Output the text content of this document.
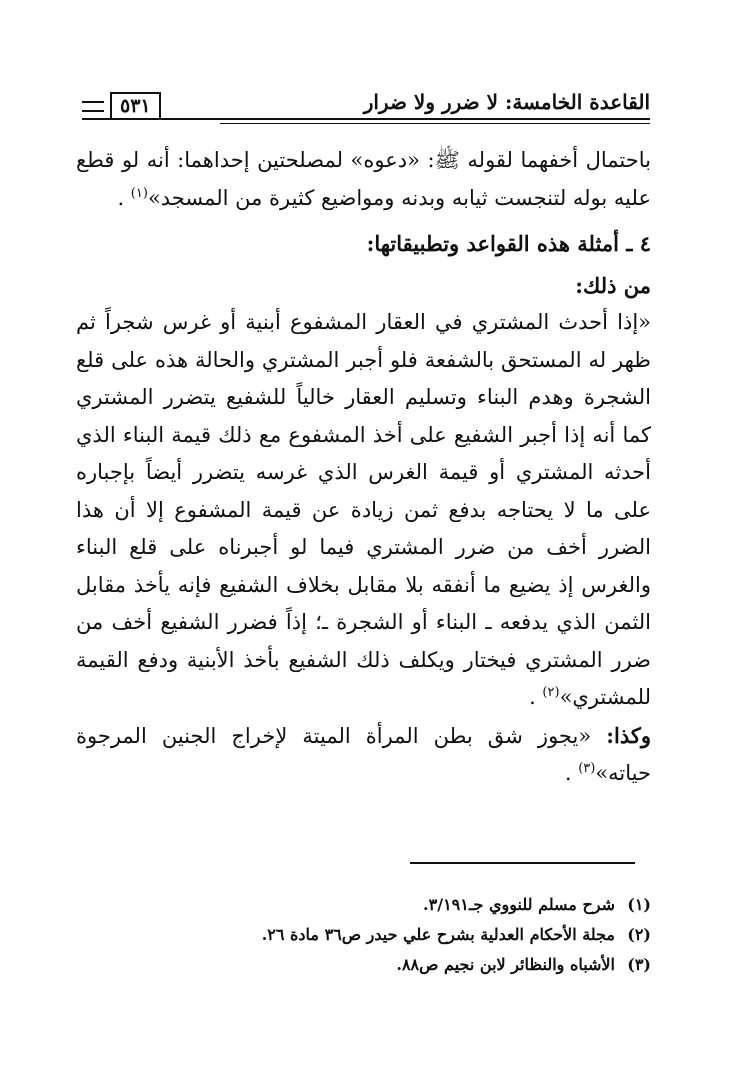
القاعدة الخامسة: لا ضرر ولا ضرار
٥٣١

باحتمال أخفهما لقوله ﷺ: «دعوه» لمصلحتين إحداهما: أنه لو قطع عليه بوله لتنجست ثيابه وبدنه ومواضيع كثيرة من المسجد»$^{(١)}$ .

٤ ـ أمثلة هذه القواعد وتطبيقاتها:

من ذلك:

«إذا أحدث المشتري في العقار المشفوع أبنية أو غرس شجراً ثم ظهر له المستحق بالشفعة فلو أجبر المشتري والحالة هذه على قلع الشجرة وهدم البناء وتسليم العقار خالياً للشفيع يتضرر المشتري كما أنه إذا أجبر الشفيع على أخذ المشفوع مع ذلك قيمة البناء الذي أحدثه المشتري أو قيمة الغرس الذي غرسه يتضرر أيضاً بإجباره على ما لا يحتاجه بدفع ثمن زيادة عن قيمة المشفوع إلا أن هذا الضرر أخف من ضرر المشتري فيما لو أجبرناه على قلع البناء والغرس إذ يضيع ما أنفقه بلا مقابل بخلاف الشفيع فإنه يأخذ مقابل الثمن الذي يدفعه ـ البناء أو الشجرة ـ؛ إذاً فضرر الشفيع أخف من ضرر المشتري فيختار ويكلف ذلك الشفيع بأخذ الأبنية ودفع القيمة للمشتري»$^{(٢)}$ .

وكذا: «يجوز شق بطن المرأة الميتة لإخراج الجنين المرجوة حياته»$^{(٣)}$ .

(١)
شرح مسلم للنووي جـ٣/١٩١.
(٢)
مجلة الأحكام العدلية بشرح علي حيدر ص٣٦ مادة ٢٦.
(٣)
الأشباه والنظائر لابن نجيم ص٨٨.
